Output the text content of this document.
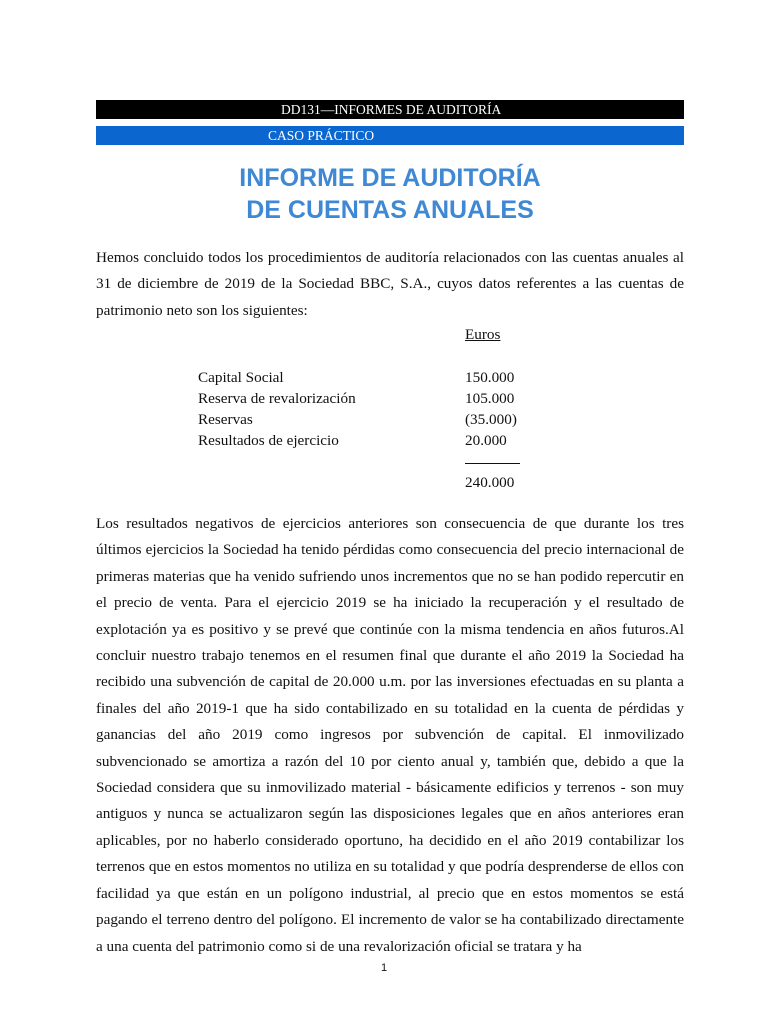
DD131—INFORMES DE AUDITORÍA
CASO PRÁCTICO
INFORME DE AUDITORÍA
DE CUENTAS ANUALES

Hemos concluido todos los procedimientos de auditoría relacionados con las cuentas anuales al 31 de diciembre de 2019 de la Sociedad BBC, S.A., cuyos datos referentes a las cuentas de patrimonio neto son los siguientes:

Euros
Capital Social	150.000
Reserva de revalorización	105.000
Reservas	(35.000)
Resultados de ejercicio	20.000
240.000

Los resultados negativos de ejercicios anteriores son consecuencia de que durante los tres últimos ejercicios la Sociedad ha tenido pérdidas como consecuencia del precio internacional de primeras materias que ha venido sufriendo unos incrementos que no se han podido repercutir en el precio de venta. Para el ejercicio 2019 se ha iniciado la recuperación y el resultado de explotación ya es positivo y se prevé que continúe con la misma tendencia en años futuros.Al concluir nuestro trabajo tenemos en el resumen final que durante el año 2019 la Sociedad ha recibido una subvención de capital de 20.000 u.m. por las inversiones efectuadas en su planta a finales del año 2019-1 que ha sido contabilizado en su totalidad en la cuenta de pérdidas y ganancias del año 2019 como ingresos por subvención de capital. El inmovilizado subvencionado se amortiza a razón del 10 por ciento anual y, también que, debido a que la Sociedad considera que su inmovilizado material - básicamente edificios y terrenos - son muy antiguos y nunca se actualizaron según las disposiciones legales que en años anteriores eran aplicables, por no haberlo considerado oportuno, ha decidido en el año 2019 contabilizar los terrenos que en estos momentos no utiliza en su totalidad y que podría desprenderse de ellos con facilidad ya que están en un polígono industrial, al precio que en estos momentos se está pagando el terreno dentro del polígono. El incremento de valor se ha contabilizado directamente a una cuenta del patrimonio como si de una revalorización oficial se tratara y ha

1
